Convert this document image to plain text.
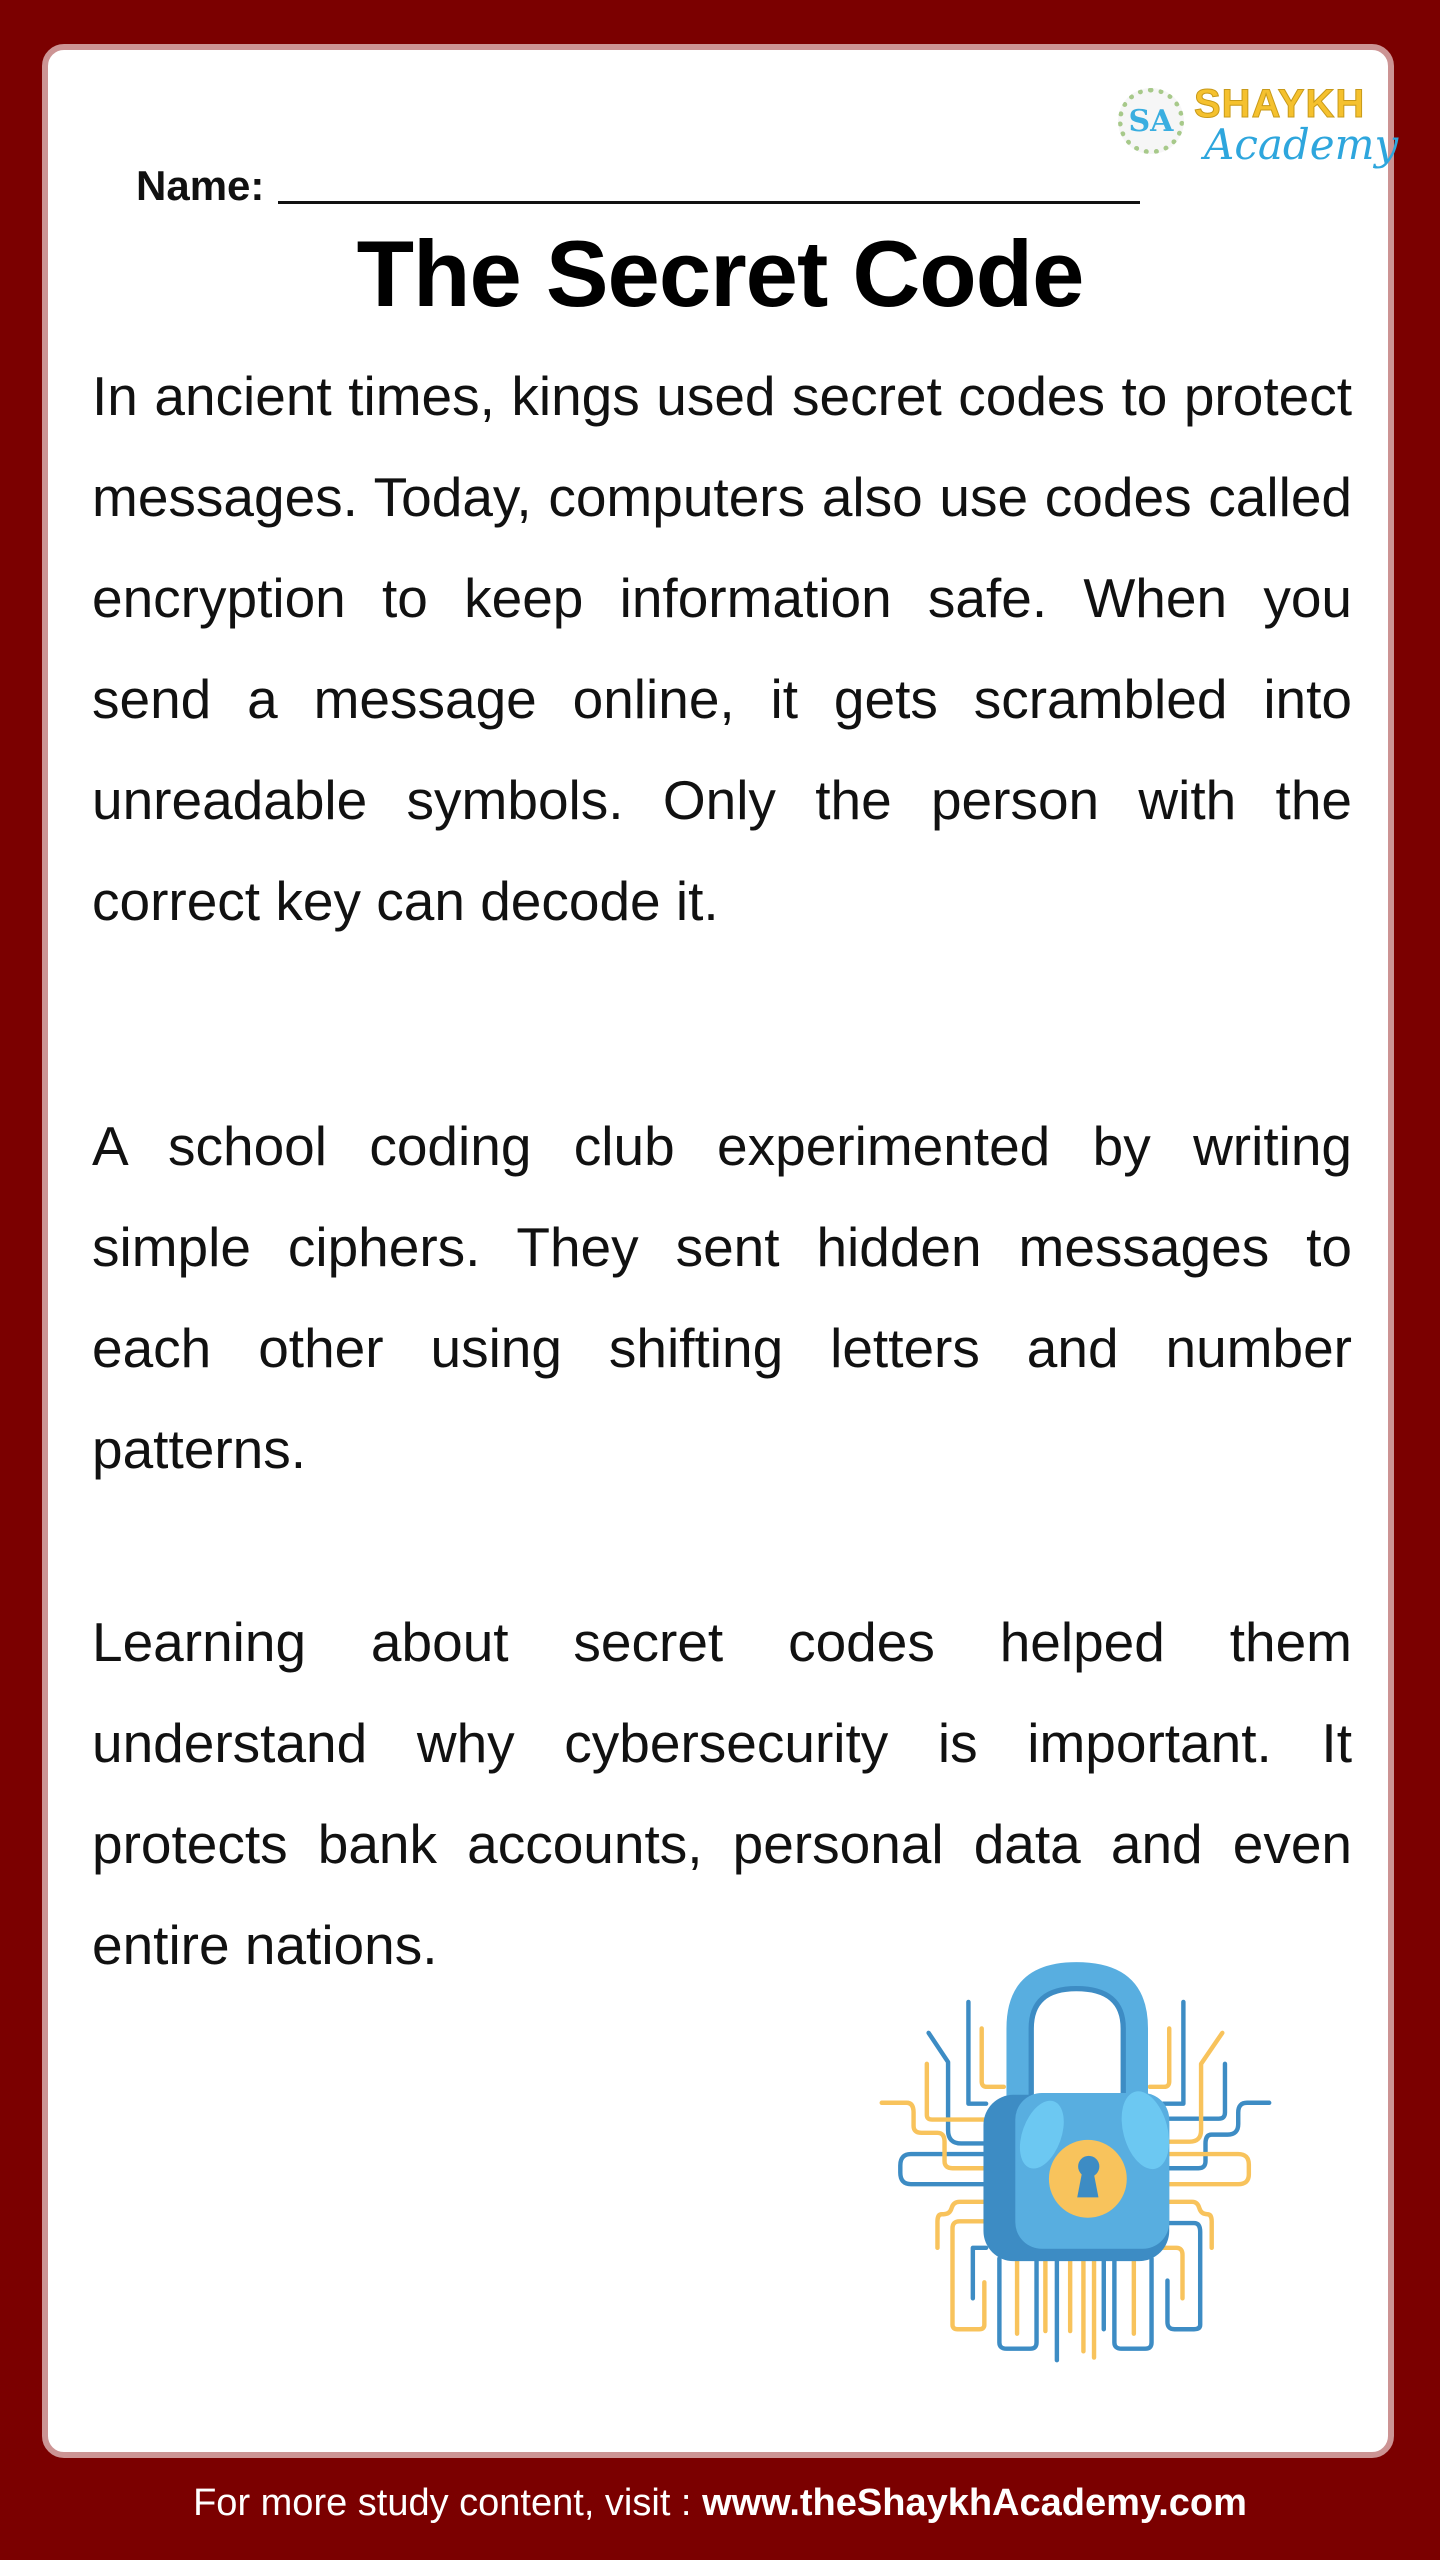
Name:
SA SHAYKH
Academy
The Secret Code
In ancient times, kings used secret codes to protect messages. Today, computers also use codes called encryption to keep information safe. When you send a message online, it gets scrambled into unreadable symbols. Only the person with the correct key can decode it.
A school coding club experimented by writing simple ciphers. They sent hidden messages to each other using shifting letters and number patterns.
Learning about secret codes helped them understand why cybersecurity is important. It protects bank accounts, personal data and even entire nations.
For more study content, visit : www.theShaykhAcademy.com
